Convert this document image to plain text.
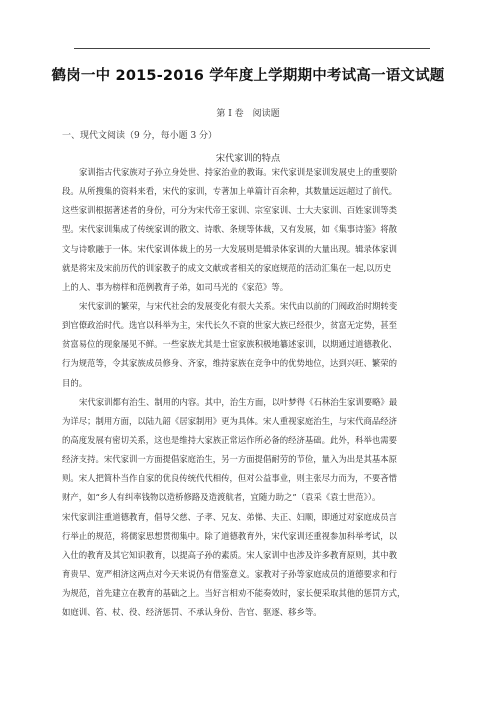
鹤岗一中 2015-2016 学年度上学期期中考试高一语文试题
第 I 卷　阅读题
一、现代文阅读（9 分，每小题 3 分）
宋代家训的特点
家训指古代家族对子孙立身处世、持家治业的教诲。宋代家训是家训发展史上的重要阶
段。从所搜集的资料来看，宋代的家训，专著加上单篇计百余种，其数量远远超过了前代。
这些家训根据著述者的身份，可分为宋代帝王家训、宗室家训、士大夫家训、百姓家训等类
型。宋代家训集成了传统家训的散文、诗歌、条规等体裁，又有发展，如《集事诗鉴》将散
文与诗歌融于一体。宋代家训体裁上的另一大发展则是辑录体家训的大量出现。辑录体家训
就是将宋及宋前历代的训家教子的成文文献或者相关的家庭规范的活动汇集在一起,以历史
上的人、事为榜样和范例教育子弟，如司马光的《家范》等。
宋代家训的繁荣，与宋代社会的发展变化有很大关系。宋代由以前的门阀政治时期转变
到官僚政治时代。选官以科举为主，宋代长久不衰的世家大族已经很少，贫富无定势，甚至
贫富易位的现象屡见不鲜。一些家族尤其是士宦家族积极地纂述家训，以期通过道德教化、
行为规范等，令其家族成员修身、齐家，维持家族在竞争中的优势地位，达到兴旺、繁荣的
目的。
宋代家训都有治生、制用的内容。其中，治生方面，以叶梦得《石林治生家训要略》最
为详尽；制用方面，以陆九韶《居家制用》更为具体。宋人重视家庭治生，与宋代商品经济
的高度发展有密切关系，这也是维持大家族正常运作所必备的经济基础。此外，科举也需要
经济支持。宋代家训一方面提倡家庭治生，另一方面提倡耐劳的节俭，量入为出是其基本原
则。宋人把简朴当作自家的优良传统代代相传，但对公益事业，则主张尽力而为，不要吝惜
财产，如“乡人有纠率钱物以造桥修路及造渡航者，宜随力助之”（袁采《袁士世范》）。
宋代家训注重道德教育，倡导父慈、子孝、兄友、弟悌、夫正、妇顺，即通过对家庭成员言
行举止的规范，将儒家思想贯彻集中。除了道德教育外，宋代家训还重视参加科举考试，以
入仕的教育及其它知识教育，以提高子孙的素质。宋人家训中也涉及许多教育原则，其中教
育贵早、宽严相济这两点对今天来说仍有借鉴意义。家教对子孙等家庭成员的道德要求和行
为规范，首先建立在教育的基础之上。当好言相劝不能奏效时，家长便采取其他的惩罚方式，
如庭训、笞、杖、役、经济惩罚、不承认身份、告官、驱逐、移乡等。
